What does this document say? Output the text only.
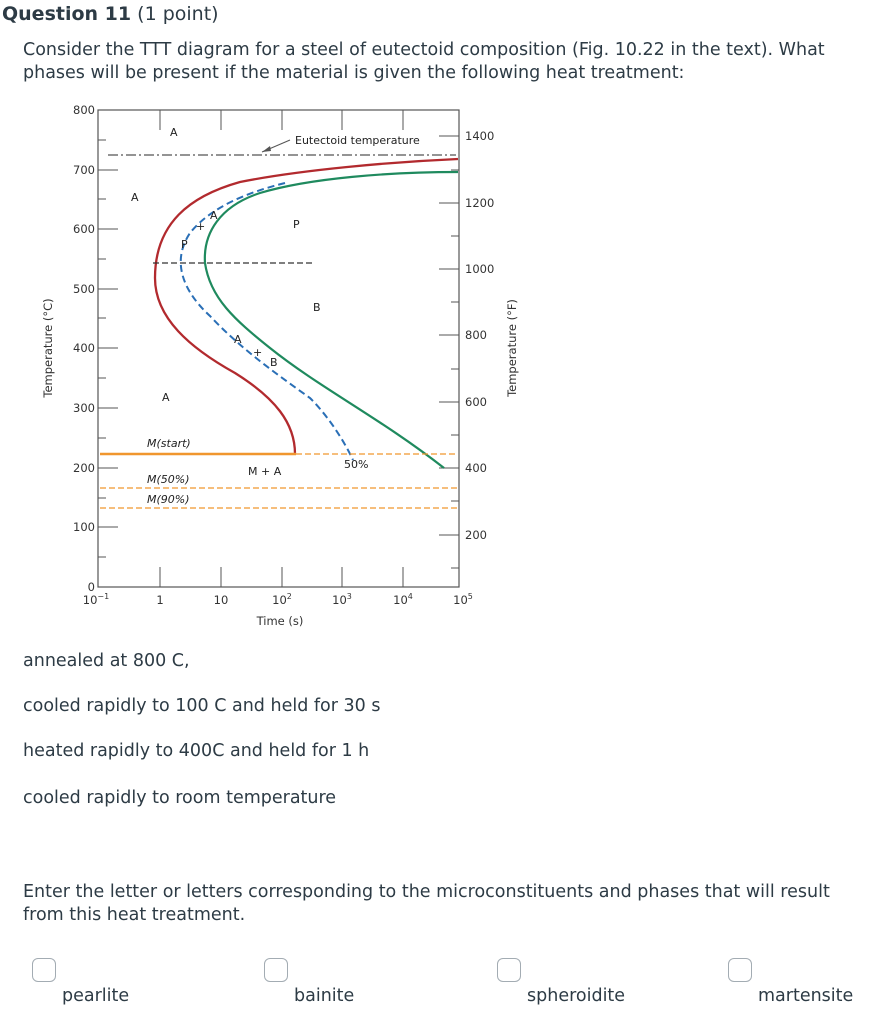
Question 11 (1 point)
Consider the TTT diagram for a steel of eutectoid composition (Fig. 10.22 in the text). What phases will be present if the material is given the following heat treatment:
800
700
600
500
400
300
200
100
0
1400
1200
1000
800
600
400
200
$10^{-1}$	1	10	$10^2$	$10^3$	$10^4$	$10^5$
Time (s)
Temperature (°C)	Temperature (°F)
A
A
A
A
A
P
P
B
B
Eutectoid temperature
M(start)
M(50%)
M(90%)
M + A
50%
+
+
annealed at 800 C,
cooled rapidly to 100 C and held for 30 s
heated rapidly to 400C and held for 1 h
cooled rapidly to room temperature
Enter the letter or letters corresponding to the microconstituents and phases that will result from this heat treatment.
pearlite	bainite	spheroidite	martensite
